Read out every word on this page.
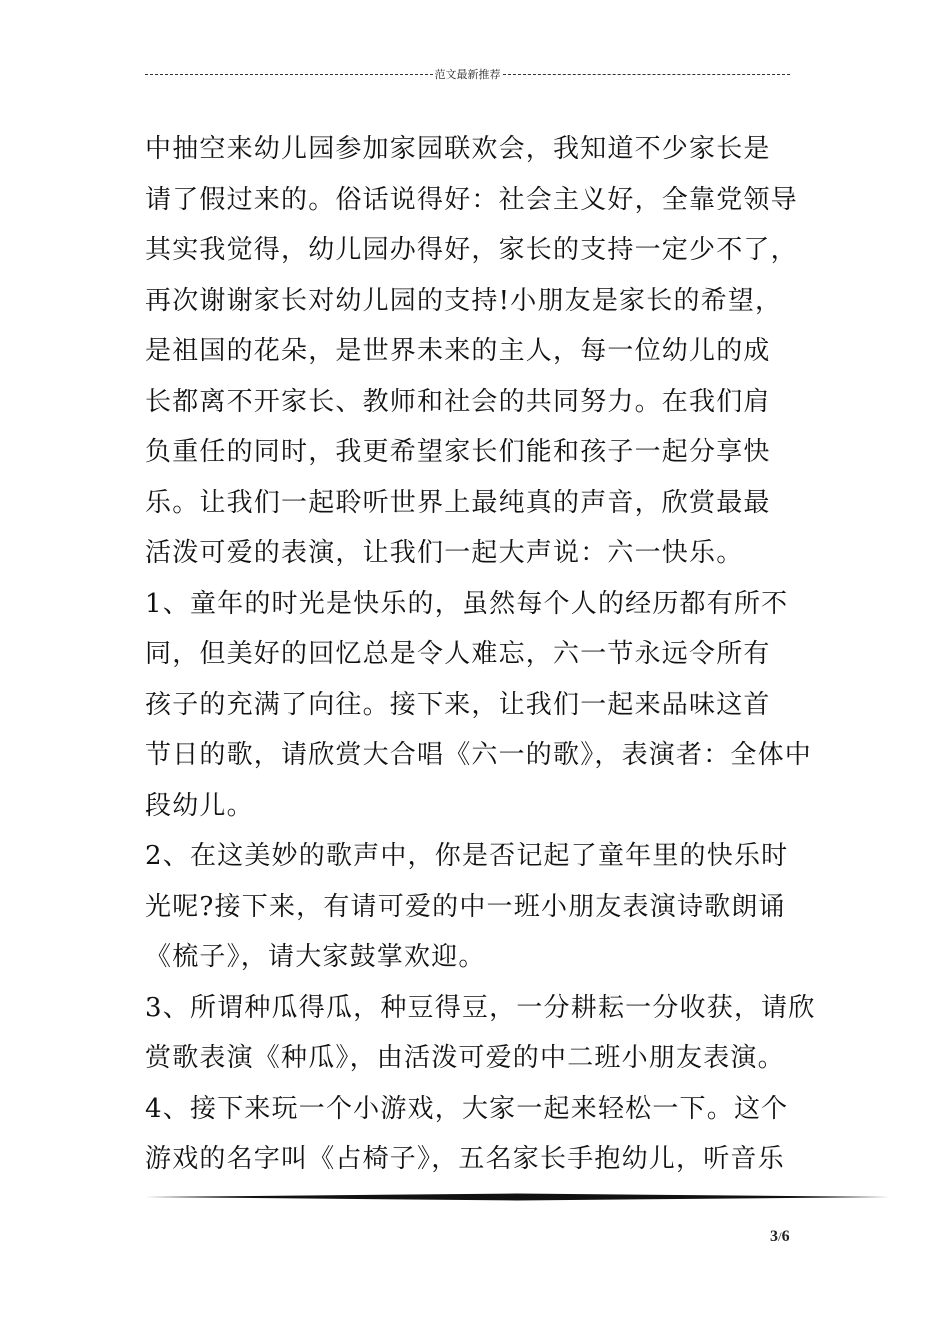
范文最新推荐
中抽空来幼儿园参加家园联欢会，我知道不少家长是
请了假过来的。俗话说得好：社会主义好，全靠党领导
其实我觉得，幼儿园办得好，家长的支持一定少不了，
再次谢谢家长对幼儿园的支持!小朋友是家长的希望，
是祖国的花朵，是世界未来的主人，每一位幼儿的成
长都离不开家长、教师和社会的共同努力。在我们肩
负重任的同时，我更希望家长们能和孩子一起分享快
乐。让我们一起聆听世界上最纯真的声音，欣赏最最
活泼可爱的表演，让我们一起大声说：六一快乐。
1、童年的时光是快乐的，虽然每个人的经历都有所不
同，但美好的回忆总是令人难忘，六一节永远令所有
孩子的充满了向往。接下来，让我们一起来品味这首
节日的歌，请欣赏大合唱《六一的歌》，表演者：全体中
段幼儿。
2、在这美妙的歌声中，你是否记起了童年里的快乐时
光呢?接下来，有请可爱的中一班小朋友表演诗歌朗诵
《梳子》，请大家鼓掌欢迎。
3、所谓种瓜得瓜，种豆得豆，一分耕耘一分收获，请欣
赏歌表演《种瓜》，由活泼可爱的中二班小朋友表演。
4、接下来玩一个小游戏，大家一起来轻松一下。这个
游戏的名字叫《占椅子》，五名家长手抱幼儿，听音乐
3/6
